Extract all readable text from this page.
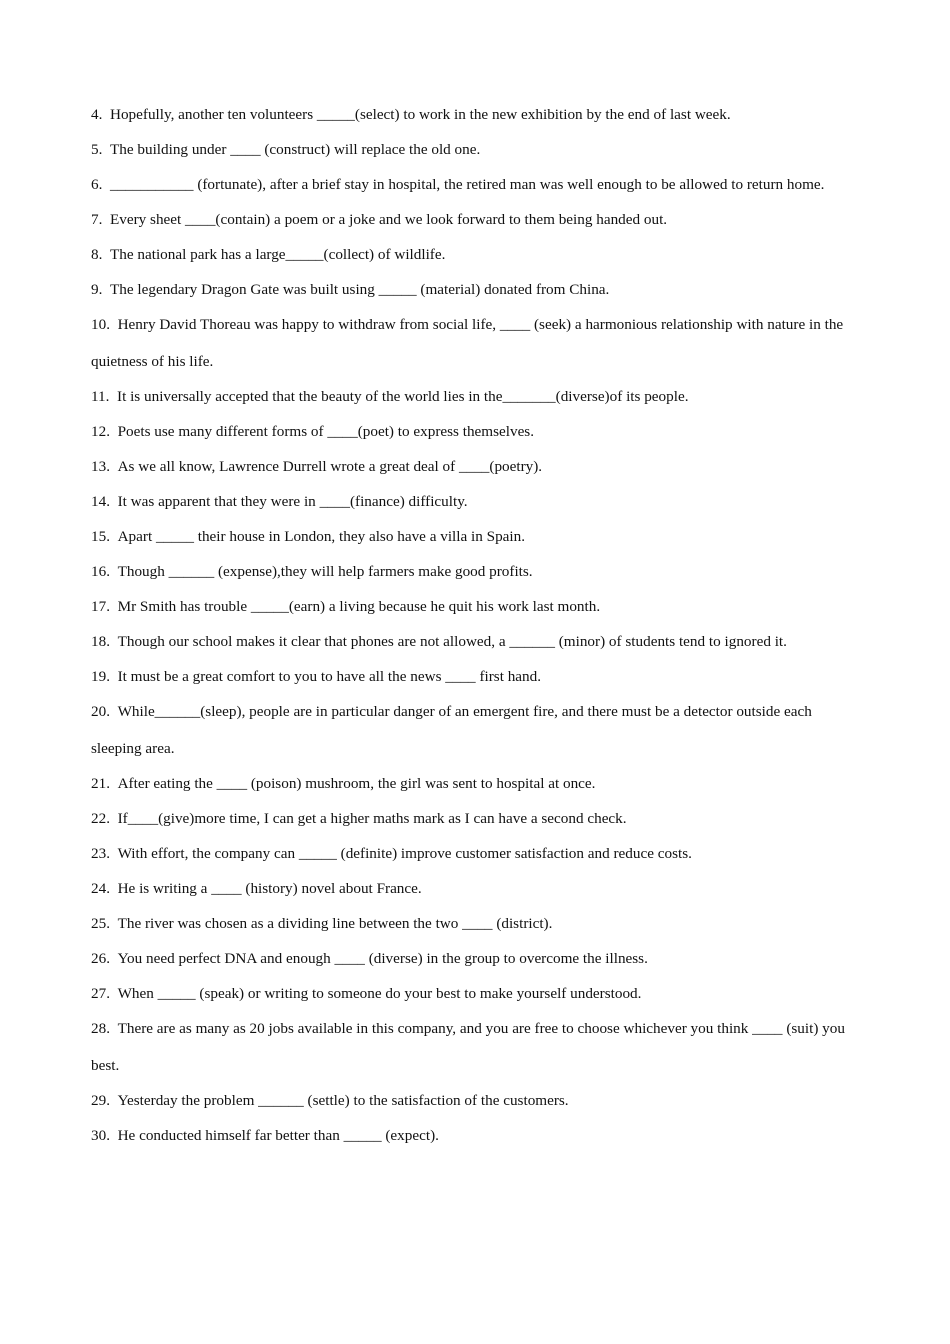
4. Hopefully, another ten volunteers _____(select) to work in the new exhibition by the end of last week.

5. The building under ____ (construct) will replace the old one.

6. ___________ (fortunate), after a brief stay in hospital, the retired man was well enough to be allowed to return home.

7. Every sheet ____(contain) a poem or a joke and we look forward to them being handed out.

8. The national park has a large_____(collect) of wildlife.

9. The legendary Dragon Gate was built using _____ (material) donated from China.

10. Henry David Thoreau was happy to withdraw from social life, ____ (seek) a harmonious relationship with nature in the quietness of his life.

11. It is universally accepted that the beauty of the world lies in the_______(diverse)of its people.

12. Poets use many different forms of ____(poet) to express themselves.

13. As we all know, Lawrence Durrell wrote a great deal of ____(poetry).

14. It was apparent that they were in ____(finance) difficulty.

15. Apart _____ their house in London, they also have a villa in Spain.

16. Though ______ (expense),they will help farmers make good profits.

17. Mr Smith has trouble _____(earn) a living because he quit his work last month.

18. Though our school makes it clear that phones are not allowed, a ______ (minor) of students tend to ignored it.

19. It must be a great comfort to you to have all the news ____ first hand.

20. While______(sleep), people are in particular danger of an emergent fire, and there must be a detector outside each sleeping area.

21. After eating the ____ (poison) mushroom, the girl was sent to hospital at once.

22. If____(give)more time, I can get a higher maths mark as I can have a second check.

23. With effort, the company can _____ (definite) improve customer satisfaction and reduce costs.

24. He is writing a ____ (history) novel about France.

25. The river was chosen as a dividing line between the two ____ (district).

26. You need perfect DNA and enough ____ (diverse) in the group to overcome the illness.

27. When _____ (speak) or writing to someone do your best to make yourself understood.

28. There are as many as 20 jobs available in this company, and you are free to choose whichever you think ____ (suit) you best.

29. Yesterday the problem ______ (settle) to the satisfaction of the customers.

30. He conducted himself far better than _____ (expect).
